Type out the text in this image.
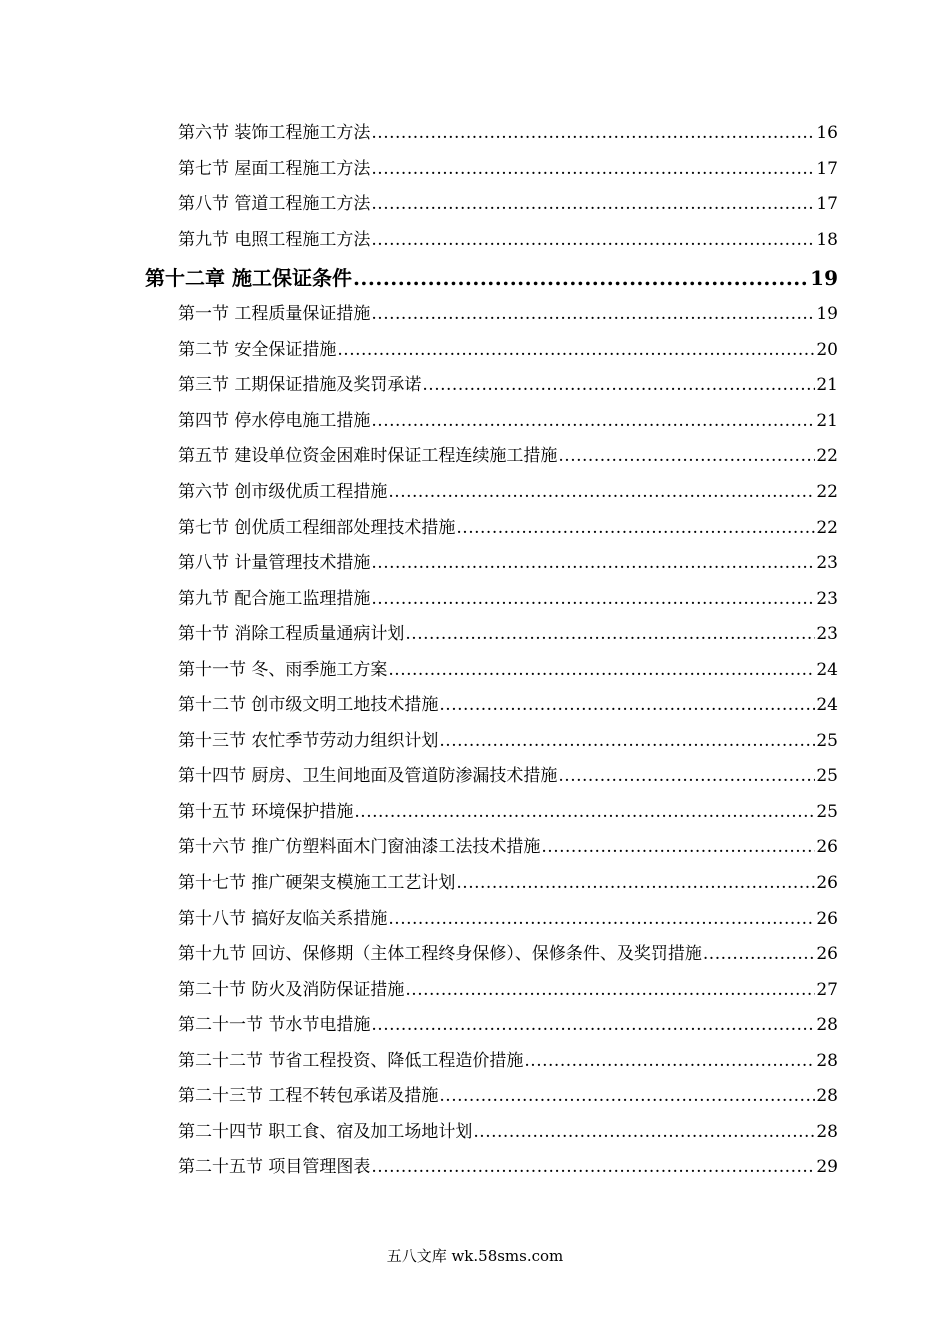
第六节 装饰工程施工方法 .....	16
第七节 屋面工程施工方法 .....	17
第八节 管道工程施工方法 .....	17
第九节 电照工程施工方法 .....	18
第十二章 施工保证条件 .....	19
第一节 工程质量保证措施 .....	19
第二节 安全保证措施 .....	20
第三节 工期保证措施及奖罚承诺 .....	21
第四节 停水停电施工措施 .....	21
第五节 建设单位资金困难时保证工程连续施工措施 .....	22
第六节 创市级优质工程措施 .....	22
第七节 创优质工程细部处理技术措施 .....	22
第八节 计量管理技术措施 .....	23
第九节 配合施工监理措施 .....	23
第十节 消除工程质量通病计划 .....	23
第十一节 冬、雨季施工方案 .....	24
第十二节 创市级文明工地技术措施 .....	24
第十三节 农忙季节劳动力组织计划 .....	25
第十四节 厨房、卫生间地面及管道防渗漏技术措施 .....	25
第十五节 环境保护措施 .....	25
第十六节 推广仿塑料面木门窗油漆工法技术措施 .....	26
第十七节 推广硬架支模施工工艺计划 .....	26
第十八节 搞好友临关系措施 .....	26
第十九节 回访、保修期（主体工程终身保修）、保修条件、及奖罚措施 .....	26
第二十节 防火及消防保证措施 .....	27
第二十一节 节水节电措施 .....	28
第二十二节 节省工程投资、降低工程造价措施 .....	28
第二十三节 工程不转包承诺及措施 .....	28
第二十四节 职工食、宿及加工场地计划 .....	28
第二十五节 项目管理图表 .....	29
五八文库 wk.58sms.com
